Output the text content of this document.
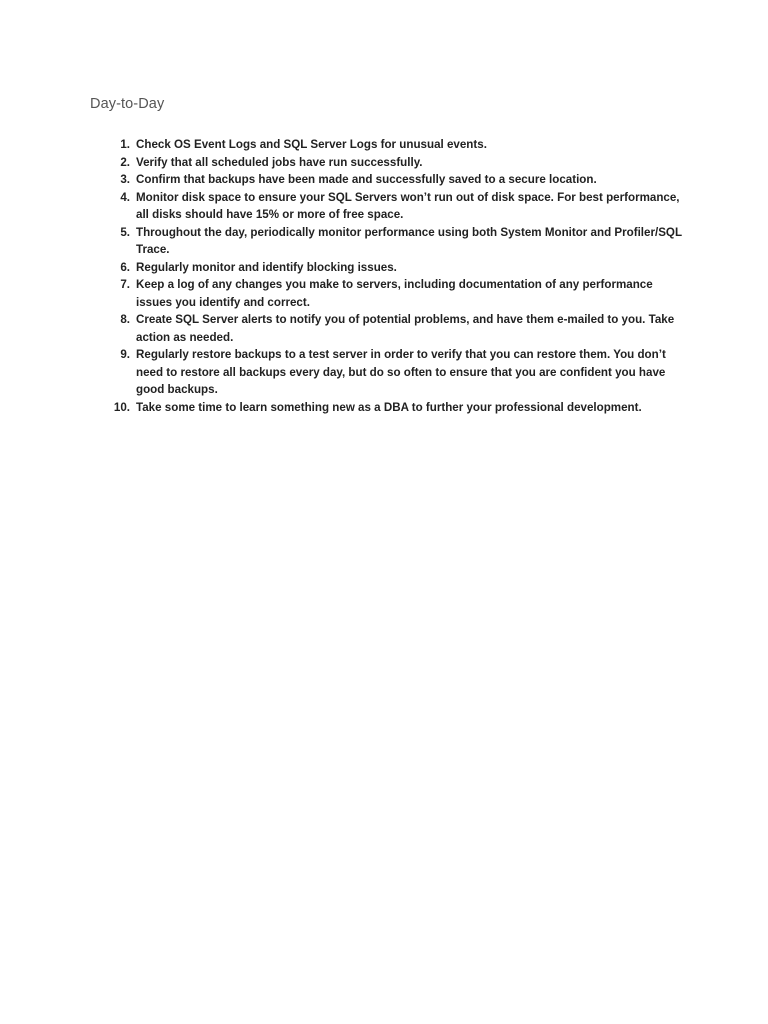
Day-to-Day
1. Check OS Event Logs and SQL Server Logs for unusual events.
2. Verify that all scheduled jobs have run successfully.
3. Confirm that backups have been made and successfully saved to a secure location.
4. Monitor disk space to ensure your SQL Servers won’t run out of disk space. For best performance, all disks should have 15% or more of free space.
5. Throughout the day, periodically monitor performance using both System Monitor and Profiler/SQL Trace.
6. Regularly monitor and identify blocking issues.
7. Keep a log of any changes you make to servers, including documentation of any performance issues you identify and correct.
8. Create SQL Server alerts to notify you of potential problems, and have them e-mailed to you. Take action as needed.
9. Regularly restore backups to a test server in order to verify that you can restore them. You don’t need to restore all backups every day, but do so often to ensure that you are confident you have good backups.
10. Take some time to learn something new as a DBA to further your professional development.
